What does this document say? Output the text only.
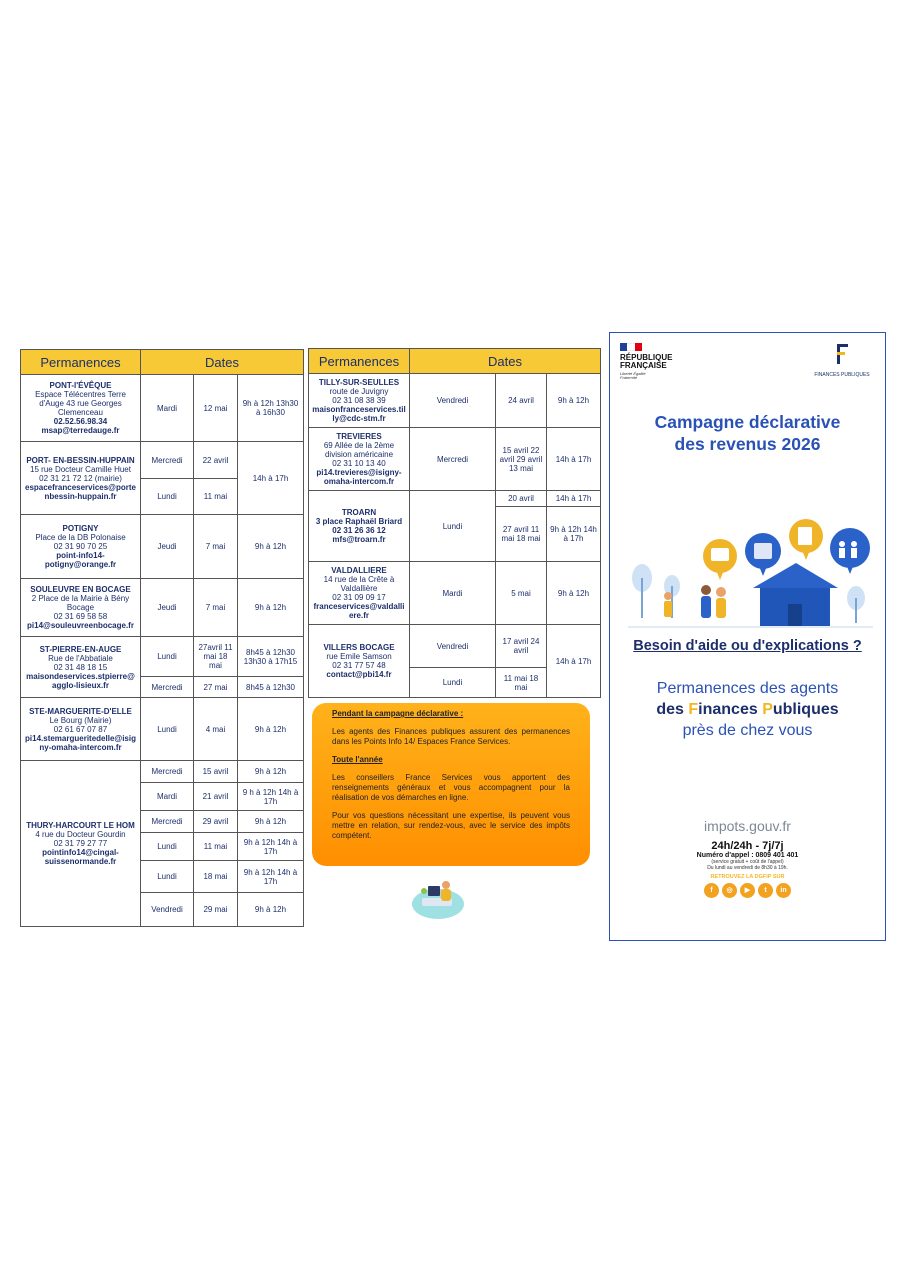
Permanences	Dates		

PONT-l'ÉVÊQUE
Espace Télécentres Terre d'Auge 43 rue Georges Clemenceau
02.52.56.98.34
msap@terredauge.fr	Mardi	12 mai	9h à 12h 13h30 à 16h30

PORT- EN-BESSIN-HUPPAIN
15 rue Docteur Camille Huet
02 31 21 72 12 (mairie)
espacefranceservices@portenbessin-huppain.fr	Mercredi	22 avril	14h à 17h
	Lundi	11 mai	

POTIGNY
Place de la DB Polonaise
02 31 90 70 25
point-info14-potigny@orange.fr	Jeudi	7 mai	9h à 12h

SOULEUVRE EN BOCAGE
2 Place de la Mairie à Bény Bocage
02 31 69 58 58
pi14@souleuvreenbocage.fr	Jeudi	7 mai	9h à 12h

ST-PIERRE-EN-AUGE
Rue de l'Abbatiale
02 31 48 18 15
maisondeservices.stpierre@agglo-lisieux.fr	Lundi	27avril 11 mai 18 mai	8h45 à 12h30 13h30 à 17h15
	Mercredi	27 mai	8h45 à 12h30

STE-MARGUERITE-D'ELLE
Le Bourg (Mairie)
02 61 67 07 87
pi14.stemargueritedelle@isigny-omaha-intercom.fr	Lundi	4 mai	9h à 12h

THURY-HARCOURT LE HOM
4 rue du Docteur Gourdin
02 31 79 27 77
pointinfo14@cingal-suissenormande.fr	Mercredi	15 avril	9h à 12h
	Mardi	21 avril	9 h à 12h 14h à 17h
	Mercredi	29 avril	9h à 12h
	Lundi	11 mai	9h à 12h 14h à 17h
	Lundi	18 mai	9h à 12h 14h à 17h
	Vendredi	29 mai	9h à 12h
Permanences	Dates		

TILLY-SUR-SEULLES
route de Juvigny
02 31 08 38 39
maisonfranceservices.tilly@cdc-stm.fr	Vendredi	24 avril	9h à 12h

TREVIERES
69 Allée de la 2ème division américaine
02 31 10 13 40
pi14.trevieres@isigny-omaha-intercom.fr	Mercredi	15 avril 22 avril 29 avril 13 mai	14h à 17h

TROARN
3 place Raphaël Briard
02 31 26 36 12
mfs@troarn.fr	Lundi	20 avril	14h à 17h
		27 avril 11 mai 18 mai	9h à 12h 14h à 17h

VALDALLIERE
14 rue de la Crête à Valdallière
02 31 09 09 17
franceservices@valdalliere.fr	Mardi	5 mai	9h à 12h

VILLERS BOCAGE
rue Emile Samson
02 31 77 57 48
contact@pbi14.fr	Vendredi	17 avril 24 avril	14h à 17h
	Lundi	11 mai 18 mai	
Pendant la campagne déclarative :

Les agents des Finances publiques assurent des permanences dans les Points Info 14/ Espaces France Services.

Toute l'année

Les conseillers France Services vous apportent des renseignements généraux et vous accompagnent pour la réalisation de vos démarches en ligne.

Pour vos questions nécessitant une expertise, ils peuvent vous mettre en relation, sur rendez-vous, avec le service des impôts compétent.

RÉPUBLIQUE FRANÇAISE
Liberté Égalité Fraternité	FINANCES PUBLIQUES
Campagne déclarative des revenus 2026
Besoin d'aide ou d'explications ?
Permanences des agents
des Finances Publiques
près de chez vous
impots.gouv.fr
24h/24h - 7j/7j
Numéro d'appel : 0809 401 401
(service gratuit + coût de l'appel)
Du lundi au vendredi de 8h30 à 19h.
RETROUVEZ LA DGFIP SUR
f	◎	▶	t	in
